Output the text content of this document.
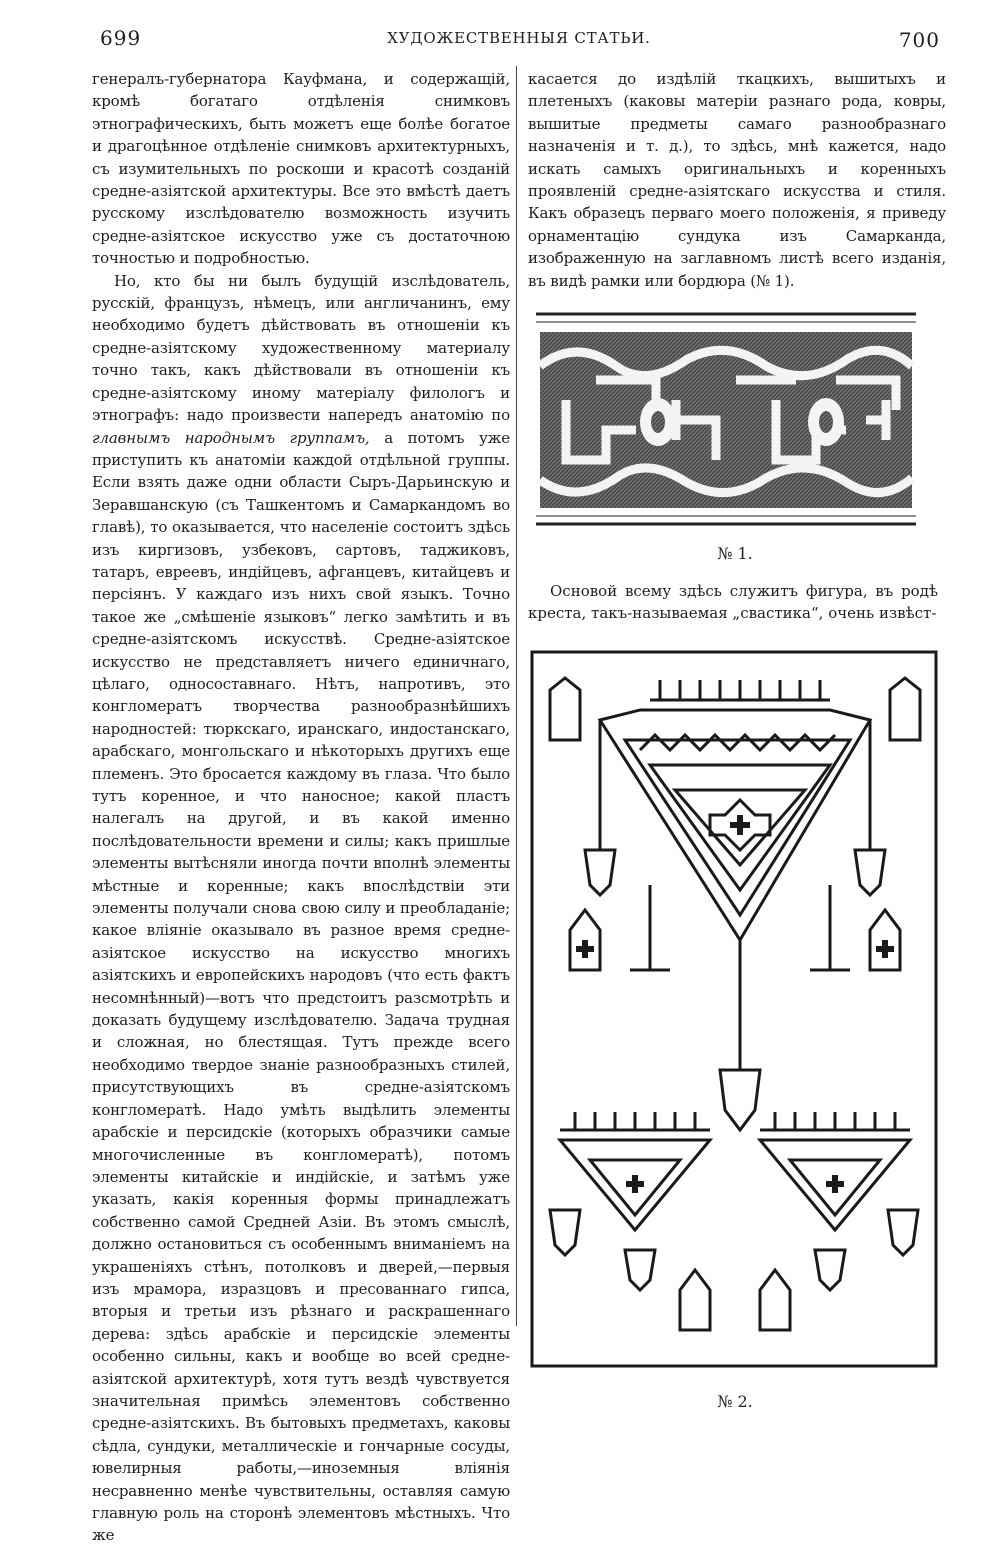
699	ХУДОЖЕСТВЕННЫЯ СТАТЬИ.	700

генералъ-губернатора Кауфмана, и содержащій, кромѣ богатаго отдѣленія снимковъ этнографическихъ, быть можетъ еще болѣе богатое и драгоцѣнное отдѣленіе снимковъ архитектурныхъ, съ изумительныхъ по роскоши и красотѣ созданій средне-азіятской архитектуры. Все это вмѣстѣ даетъ русскому изслѣдователю возможность изучить средне-азіятское искусство уже съ достаточною точностью и подробностью.

Но, кто бы ни былъ будущій изслѣдователь, русскій, французъ, нѣмецъ, или англичанинъ, ему необходимо будетъ дѣйствовать въ отношеніи къ средне-азіятскому художественному материалу точно такъ, какъ дѣйствовали въ отношеніи къ средне-азіятскому иному матеріалу филологъ и этнографъ: надо произвести напередъ анатомію по главнымъ народнымъ группамъ, а потомъ уже приступить къ анатоміи каждой отдѣльной группы. Если взять даже одни области Сыръ-Дарьинскую и Зеравшанскую (съ Ташкентомъ и Самаркандомъ во главѣ), то оказывается, что населеніе состоитъ здѣсь изъ киргизовъ, узбековъ, сартовъ, таджиковъ, татаръ, евреевъ, индійцевъ, афганцевъ, китайцевъ и персіянъ. У каждаго изъ нихъ свой языкъ. Точно такое же „смѣшеніе языковъ“ легко замѣтить и въ средне-азіятскомъ искусствѣ. Средне-азіятское искусство не представляетъ ничего единичнаго, цѣлаго, односоставнаго. Нѣтъ, напротивъ, это конгломератъ творчества разнообразнѣйшихъ народностей: тюркскаго, иранскаго, индостанскаго, арабскаго, монгольскаго и нѣкоторыхъ другихъ еще племенъ. Это бросается каждому въ глаза. Что было тутъ коренное, и что наносное; какой пластъ налегалъ на другой, и въ какой именно послѣдовательности времени и силы; какъ пришлые элементы вытѣсняли иногда почти вполнѣ элементы мѣстные и коренные; какъ впослѣдствіи эти элементы получали снова свою силу и преобладаніе; какое вліяніе оказывало въ разное время средне-азіятское искусство на искусство многихъ азіятскихъ и европейскихъ народовъ (что есть фактъ несомнѣнный)—вотъ что предстоитъ разсмотрѣть и доказать будущему изслѣдователю. Задача трудная и сложная, но блестящая. Тутъ прежде всего необходимо твердое знаніе разнообразныхъ стилей, присутствующихъ въ средне-азіятскомъ конгломератѣ. Надо умѣть выдѣлить элементы арабскіе и персидскіе (которыхъ образчики самые многочисленные въ конгломератѣ), потомъ элементы китайскіе и индійскіе, и затѣмъ уже указать, какія коренныя формы принадлежатъ собственно самой Средней Азіи. Въ этомъ смыслѣ, должно остановиться съ особеннымъ вниманіемъ на украшеніяхъ стѣнъ, потолковъ и дверей,—первыя изъ мрамора, изразцовъ и пресованнаго гипса, вторыя и третьи изъ рѣзнаго и раскрашеннаго дерева: здѣсь арабскіе и персидскіе элементы особенно сильны, какъ и вообще во всей средне-азіятской архитектурѣ, хотя тутъ вездѣ чувствуется значительная примѣсь элементовъ собственно средне-азіятскихъ. Въ бытовыхъ предметахъ, каковы сѣдла, сундуки, металлическіе и гончарные сосуды, ювелирныя работы,—иноземныя вліянія несравненно менѣе чувствительны, оставляя самую главную роль на сторонѣ элементовъ мѣстныхъ. Что же

касается до издѣлій ткацкихъ, вышитыхъ и плетеныхъ (каковы матеріи разнаго рода, ковры, вышитые предметы самаго разнообразнаго назначенія и т. д.), то здѣсь, мнѣ кажется, надо искать самыхъ оригинальныхъ и коренныхъ проявленій средне-азіятскаго искусства и стиля. Какъ образецъ перваго моего положенія, я приведу орнаментацію сундука изъ Самарканда, изображенную на заглавномъ листѣ всего изданія, въ видѣ рамки или бордюра (№ 1).

№ 1.

Основой всему здѣсь служитъ фигура, въ родѣ креста, такъ-называемая „свастика“, очень извѣст-

№ 2.
